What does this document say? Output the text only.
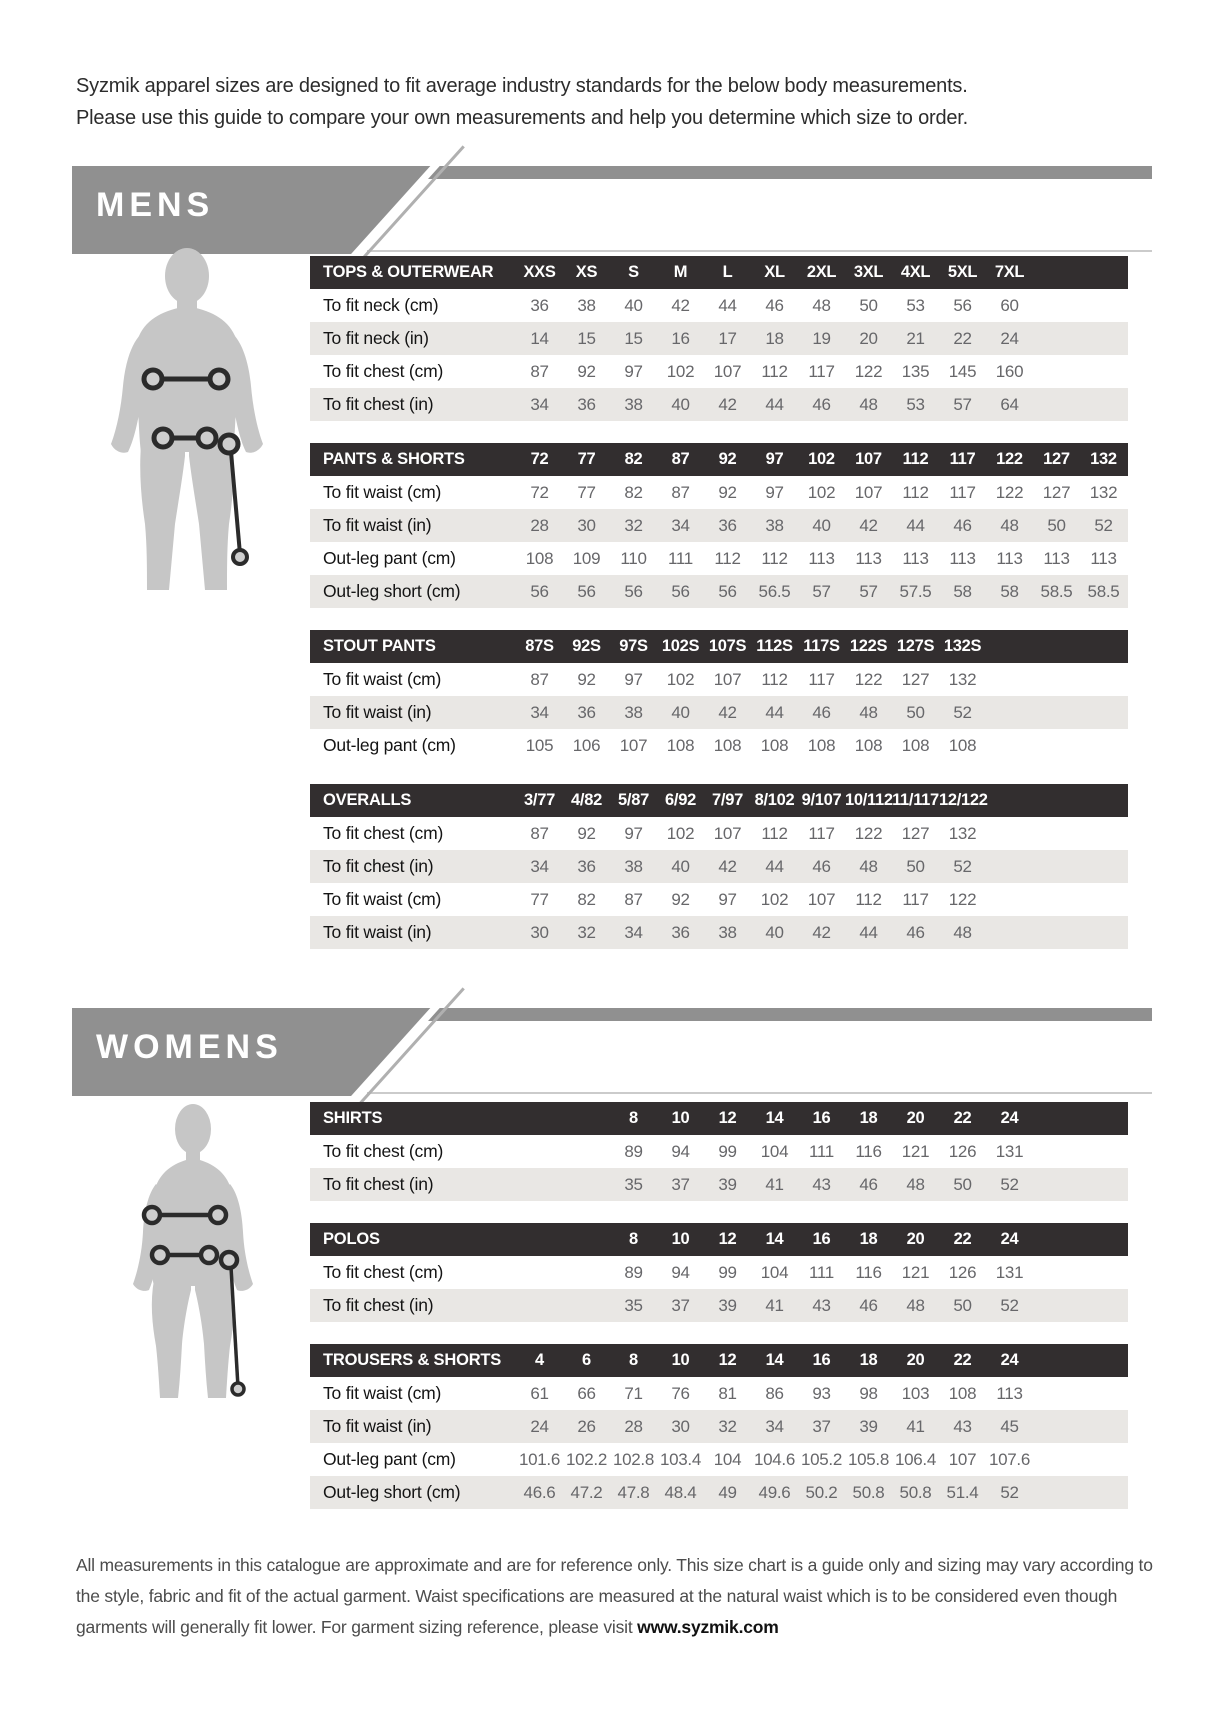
Syzmik apparel sizes are designed to fit average industry standards for the below body measurements.
Please use this guide to compare your own measurements and help you determine which size to order.

MENS
TOPS & OUTERWEAR	XXS	XS	S	M	L	XL	2XL	3XL	4XL	5XL	7XL
To fit neck (cm)	36	38	40	42	44	46	48	50	53	56	60
To fit neck (in)	14	15	15	16	17	18	19	20	21	22	24
To fit chest (cm)	87	92	97	102	107	112	117	122	135	145	160
To fit chest (in)	34	36	38	40	42	44	46	48	53	57	64
PANTS & SHORTS	72	77	82	87	92	97	102	107	112	117	122	127	132
To fit waist (cm)	72	77	82	87	92	97	102	107	112	117	122	127	132
To fit waist (in)	28	30	32	34	36	38	40	42	44	46	48	50	52
Out-leg pant (cm)	108	109	110	111	112	112	113	113	113	113	113	113	113
Out-leg short (cm)	56	56	56	56	56	56.5	57	57	57.5	58	58	58.5 58.5
STOUT PANTS	87S	92S	97S 102S 107S 112S 117S 122S 127S 132S
To fit waist (cm)	87	92	97	102	107	112	117	122	127	132
To fit waist (in)	34	36	38	40	42	44	46	48	50	52
Out-leg pant (cm)	105	106	107	108	108	108	108	108	108	108
OVERALLS	3/77 4/82 5/87 6/92 7/97 8/102 9/107 10/112 11/117 12/122
To fit chest (cm)	87	92	97	102	107	112	117	122	127	132
To fit chest (in)	34	36	38	40	42	44	46	48	50	52
To fit waist (cm)	77	82	87	92	97	102	107	112	117	122
To fit waist (in)	30	32	34	36	38	40	42	44	46	48
WOMENS
SHIRTS	8	10	12	14	16	18	20	22	24
To fit chest (cm)	89	94	99	104	111	116	121	126	131
To fit chest (in)	35	37	39	41	43	46	48	50	52
POLOS	8	10	12	14	16	18	20	22	24
To fit chest (cm)	89	94	99	104	111	116	121	126	131
To fit chest (in)	35	37	39	41	43	46	48	50	52
TROUSERS & SHORTS	4	6	8	10	12	14	16	18	20	22	24
To fit waist (cm)	61	66	71	76	81	86	93	98	103	108	113
To fit waist (in)	24	26	28	30	32	34	37	39	41	43	45
Out-leg pant (cm)	101.6 102.2 102.8 103.4 104 104.6 105.2 105.8 106.4 107 107.6
Out-leg short (cm)	46.6 47.2 47.8 48.4	49	49.6 50.2 50.8 50.8 51.4	52

All measurements in this catalogue are approximate and are for reference only. This size chart is a guide only and sizing may vary according to the style, fabric and fit of the actual garment. Waist specifications are measured at the natural waist which is to be considered even though garments will generally fit lower. For garment sizing reference, please visit www.syzmik.com
